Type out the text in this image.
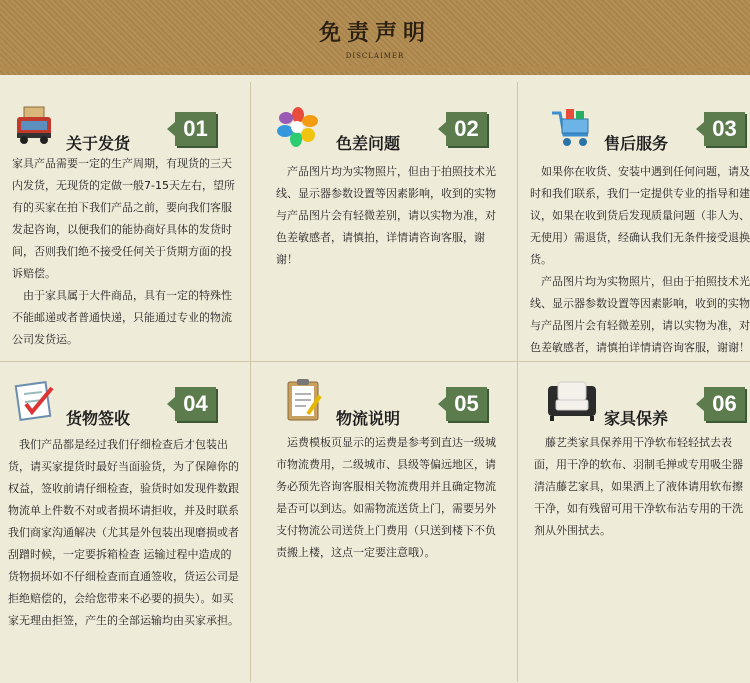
免责声明
DISCLAIMER
关于发货
01

家具产品需要一定的生产周期，有现货的三天内发货，无现货的定做一般7-15天左右，望所有的买家在拍下我们产品之前，要向我们客服发起咨询，以便我们的能协商好具体的发货时间，否则我们绝不接受任何关于货期方面的投诉赔偿。

由于家具属于大件商品，具有一定的特殊性不能邮递或者普通快递，只能通过专业的物流公司发货运。

色差问题
02

产品图片均为实物照片，但由于拍照技术光线、显示器参数设置等因素影响，收到的实物与产品图片会有轻微差别，请以实物为准，对色差敏感者，请慎拍，详情请咨询客服，谢谢！

售后服务
03

如果你在收货、安装中遇到任何问题，请及时和我们联系，我们一定提供专业的指导和建议，如果在收到货后发现质量问题（非人为、无使用）需退货，经确认我们无条件接受退换货。

产品图片均为实物照片，但由于拍照技术光线、显示器参数设置等因素影响，收到的实物与产品图片会有轻微差别，请以实物为准，对色差敏感者，请慎拍详情请咨询客服，谢谢！

货物签收
04

我们产品都是经过我们仔细检查后才包装出货，请买家提货时最好当面验货，为了保障你的权益，签收前请仔细检查，验货时如发现件数跟物流单上件数不对或者损坏请拒收，并及时联系我们商家沟通解决（尤其是外包装出现磨损或者刮蹭时候，一定要拆箱检查 运输过程中造成的货物损坏如不仔细检查而直通签收，货运公司是拒绝赔偿的，会给您带来不必要的损失）。如买家无理由拒签，产生的全部运输均由买家承担。

物流说明
05

运费模板页显示的运费是参考到直达一级城市物流费用，二级城市、县级等偏远地区，请务必预先咨询客服相关物流费用并且确定物流是否可以到达。如需物流送货上门，需要另外支付物流公司送货上门费用（只送到楼下不负责搬上楼，这点一定要注意哦）。

家具保养
06

藤艺类家具保养用干净软布轻轻拭去表面，用干净的软布、羽制毛掸或专用吸尘器清洁藤艺家具，如果洒上了液体请用软布擦干净，如有残留可用干净软布沾专用的干洗剂从外围拭去。
